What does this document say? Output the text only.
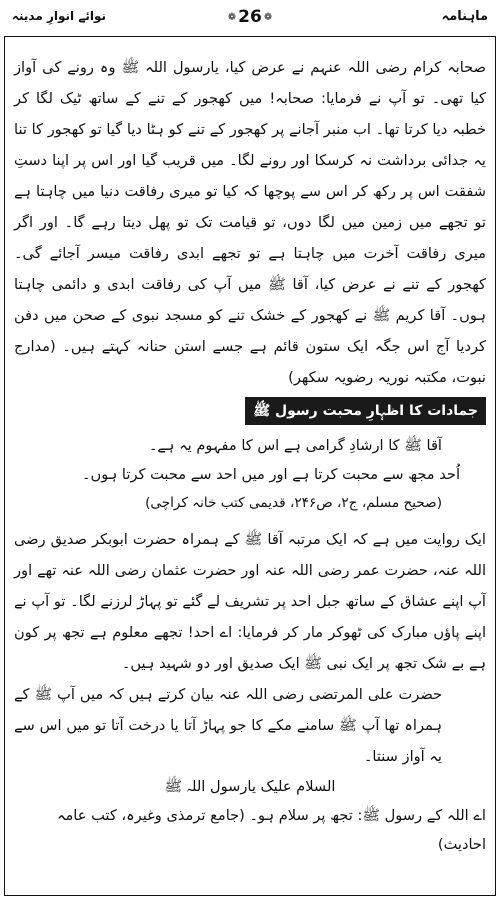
ماہنامہ
❁
26
❁
نوائے انوارِ مدینہ

صحابہ کرام رضی اللہ عنہم نے عرض کیا، یارسول اللہ ﷺ وہ رونے کی آواز کیا تھی۔ تو آپ نے فرمایا: صحابہ! میں کھجور کے تنے کے ساتھ ٹیک لگا کر خطبہ دیا کرتا تھا۔ اب منبر آجانے پر کھجور کے تنے کو ہٹا دیا گیا تو کھجور کا تنا یہ جدائی برداشت نہ کرسکا اور رونے لگا۔ میں قریب گیا اور اس پر اپنا دستِ شفقت اس پر رکھ کر اس سے پوچھا کہ کیا تو میری رفاقت دنیا میں چاہتا ہے تو تجھے میں زمین میں لگا دوں، تو قیامت تک تو پھل دیتا رہے گا۔ اور اگر میری رفاقت آخرت میں چاہتا ہے تو تجھے ابدی رفاقت میسر آجائے گی۔ کھجور کے تنے نے عرض کیا، آقا ﷺ میں آپ کی رفاقت ابدی و دائمی چاہتا ہوں۔ آقا کریم ﷺ نے کھجور کے خشک تنے کو مسجد نبوی کے صحن میں دفن کردیا آج اس جگہ ایک ستون قائم ہے جسے استن حنانہ کہتے ہیں۔ (مدارج نبوت، مکتبہ نوریہ رضویہ سکھر)

جمادات کا اظہارِ محبت رسول ﷺ

آقا ﷺ کا ارشادِ گرامی ہے اس کا مفہوم یہ ہے۔

اُحد مجھ سے محبت کرتا ہے اور میں احد سے محبت کرتا ہوں۔

(صحیح مسلم، ج۲، ص۲۴۶، قدیمی کتب خانہ کراچی)

ایک روایت میں ہے کہ ایک مرتبہ آقا ﷺ کے ہمراہ حضرت ابوبکر صدیق رضی اللہ عنہ، حضرت عمر رضی اللہ عنہ اور حضرت عثمان رضی اللہ عنہ تھے اور آپ اپنے عشاق کے ساتھ جبل احد پر تشریف لے گئے تو پہاڑ لرزنے لگا۔ تو آپ نے اپنے پاؤں مبارک کی ٹھوکر مار کر فرمایا: اے احد! تجھے معلوم ہے تجھ پر کون ہے بے شک تجھ پر ایک نبی ﷺ ایک صدیق اور دو شہید ہیں۔

حضرت علی المرتضی رضی اللہ عنہ بیان کرتے ہیں کہ میں آپ ﷺ کے ہمراہ تھا آپ ﷺ سامنے مکے کا جو پہاڑ آتا یا درخت آتا تو میں اس سے یہ آواز سنتا۔

السلام علیک یارسول اللہ ﷺ

اے اللہ کے رسول ﷺ: تجھ پر سلام ہو۔ (جامع ترمذی وغیرہ، کتب عامہ احادیث)
